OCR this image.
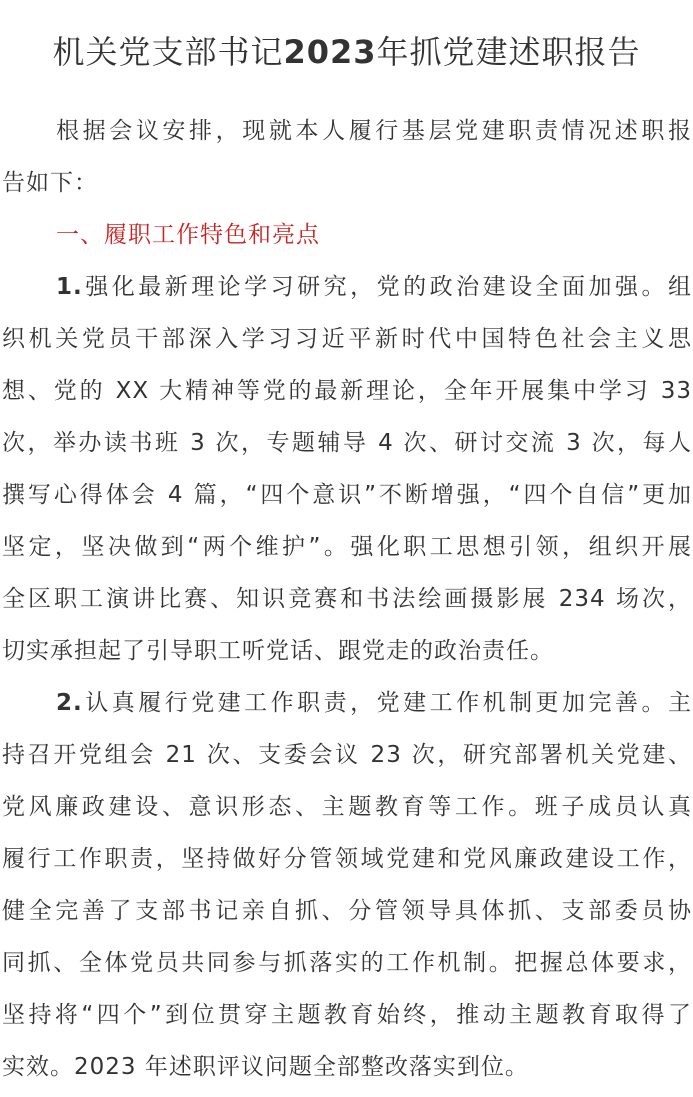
机关党支部书记2023年抓党建述职报告
根据会议安排，现就本人履行基层党建职责情况述职报
告如下：
一、履职工作特色和亮点
1.强化最新理论学习研究，党的政治建设全面加强。组
织机关党员干部深入学习习近平新时代中国特色社会主义思
想、党的 XX 大精神等党的最新理论，全年开展集中学习 33
次，举办读书班 3 次，专题辅导 4 次、研讨交流 3 次，每人
撰写心得体会 4 篇，“四个意识”不断增强，“四个自信”更加
坚定，坚决做到“两个维护”。强化职工思想引领，组织开展
全区职工演讲比赛、知识竞赛和书法绘画摄影展 234 场次，
切实承担起了引导职工听党话、跟党走的政治责任。
2.认真履行党建工作职责，党建工作机制更加完善。主
持召开党组会 21 次、支委会议 23 次，研究部署机关党建、
党风廉政建设、意识形态、主题教育等工作。班子成员认真
履行工作职责，坚持做好分管领域党建和党风廉政建设工作，
健全完善了支部书记亲自抓、分管领导具体抓、支部委员协
同抓、全体党员共同参与抓落实的工作机制。把握总体要求，
坚持将“四个”到位贯穿主题教育始终，推动主题教育取得了
实效。2023 年述职评议问题全部整改落实到位。
